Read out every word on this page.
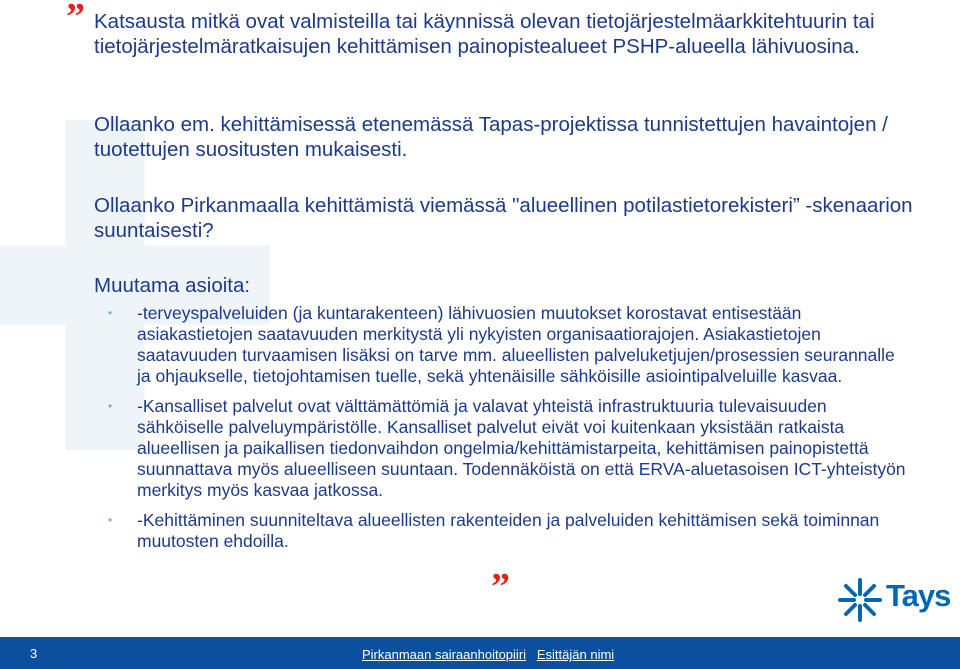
” Katsausta mitkä ovat valmisteilla tai käynnissä olevan tietojärjestelmäarkkitehtuurin tai tietojärjestelmäratkaisujen kehittämisen painopistealueet PSHP-alueella lähivuosina.
Ollaanko em. kehittämisessä etenemässä Tapas-projektissa tunnistettujen havaintojen / tuotettujen suositusten mukaisesti.
Ollaanko Pirkanmaalla kehittämistä viemässä "alueellinen potilastietorekisteri” -skenaarion suuntaisesti?
Muutama asioita:
• -terveyspalveluiden (ja kuntarakenteen) lähivuosien muutokset korostavat entisestään asiakastietojen saatavuuden merkitystä yli nykyisten organisaatiorajojen. Asiakastietojen saatavuuden turvaamisen lisäksi on tarve mm. alueellisten palveluketjujen/prosessien seurannalle ja ohjaukselle, tietojohtamisen tuelle, sekä yhtenäisille sähköisille asiointipalveluille kasvaa.
• -Kansalliset palvelut ovat välttämättömiä ja valavat yhteistä infrastruktuuria tulevaisuuden sähköiselle palveluympäristölle. Kansalliset palvelut eivät voi kuitenkaan yksistään ratkaista alueellisen ja paikallisen tiedonvaihdon ongelmia/kehittämistarpeita, kehittämisen painopistettä suunnattava myös alueelliseen suuntaan. Todennäköistä on että ERVA-aluetasoisen ICT-yhteistyön merkitys myös kasvaa jatkossa.
• -Kehittäminen suunniteltava alueellisten rakenteiden ja palveluiden kehittämisen sekä toiminnan muutosten ehdoilla.
”	Tays
3	Pirkanmaan sairaanhoitopiiri Esittäjän nimi
